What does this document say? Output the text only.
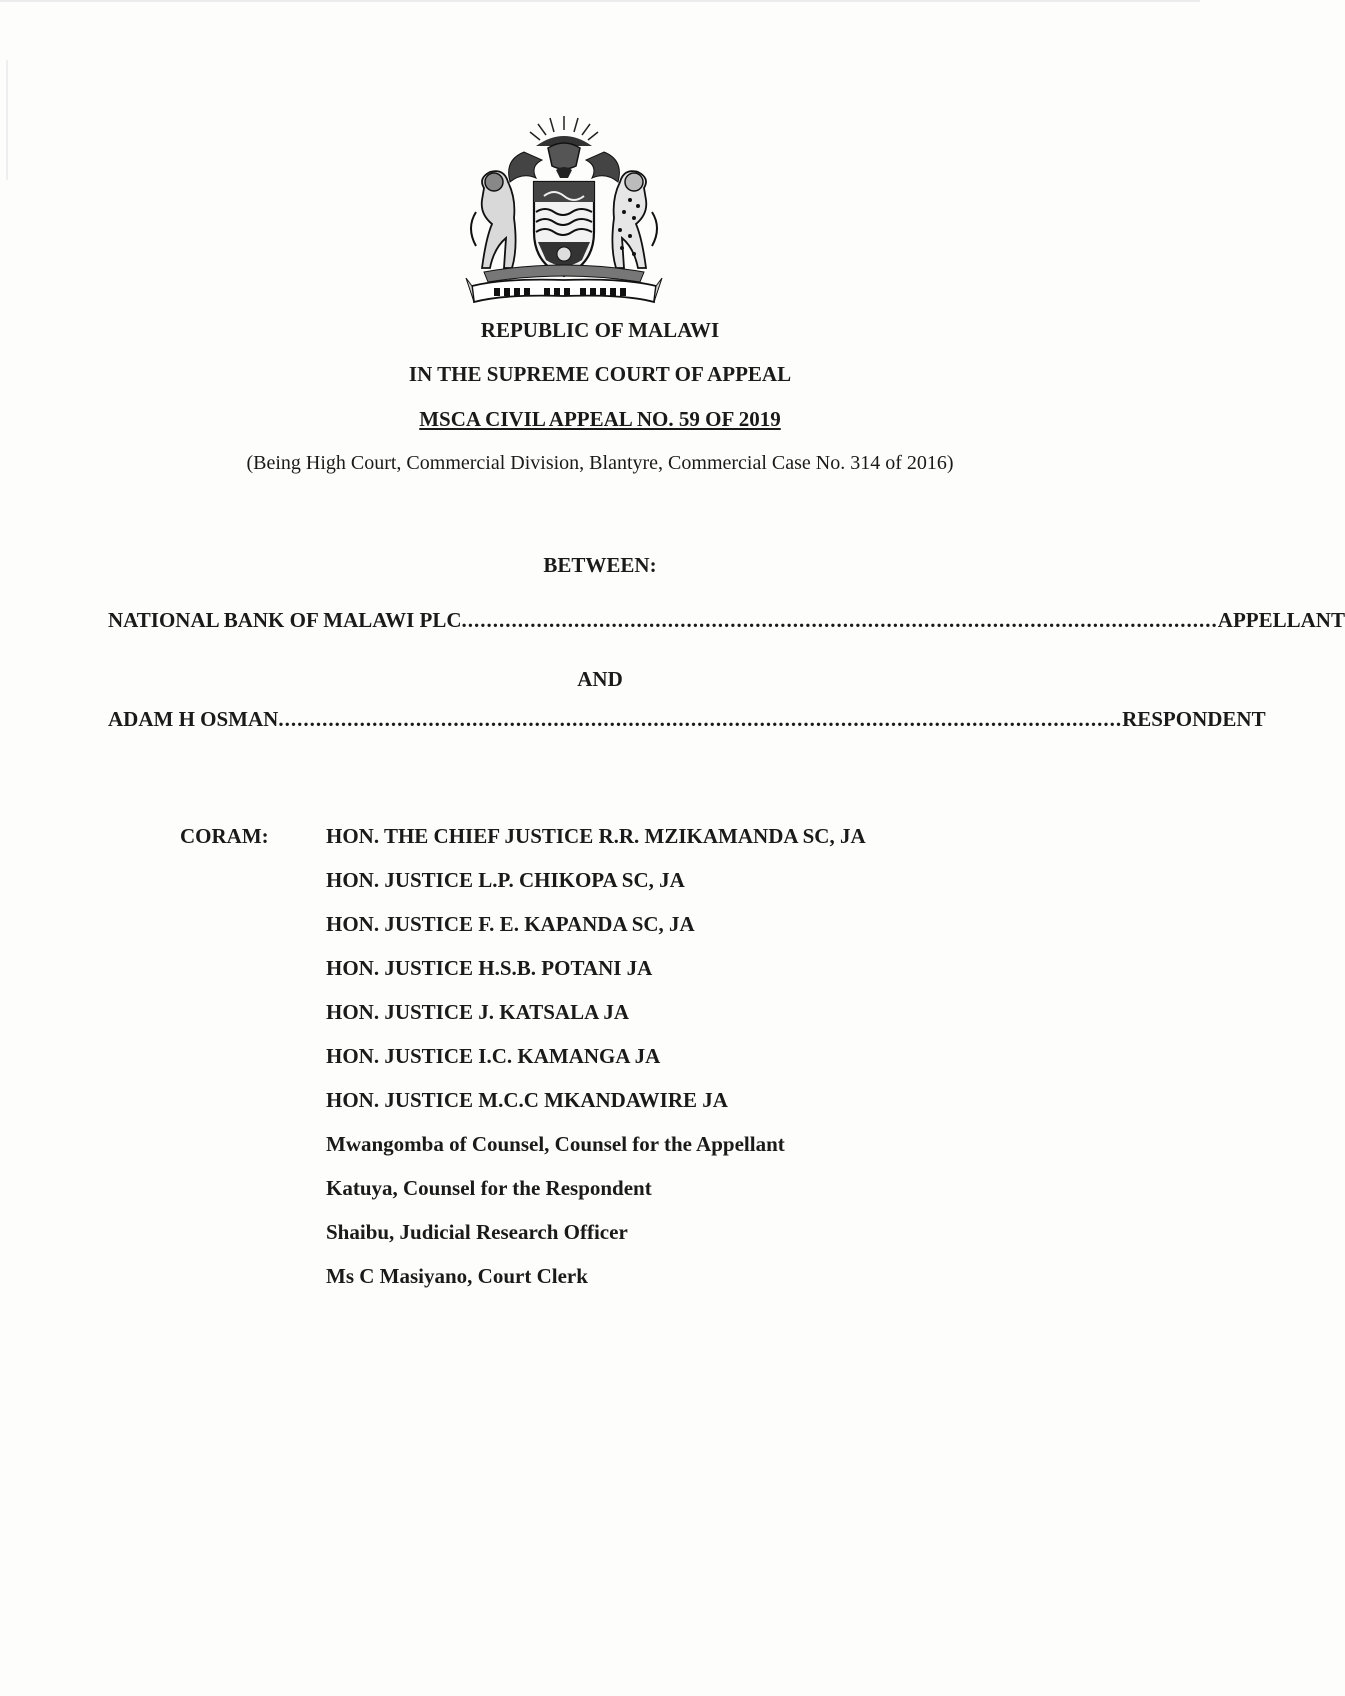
REPUBLIC OF MALAWI
IN THE SUPREME COURT OF APPEAL
MSCA CIVIL APPEAL NO. 59 OF 2019
(Being High Court, Commercial Division, Blantyre, Commercial Case No. 314 of 2016)
BETWEEN:
NATIONAL BANK OF MALAWI PLC ......................................................................................................................... APPELLANT
AND
ADAM H OSMAN ....................................................................................................................................... RESPONDENT
CORAM:	HON. THE CHIEF JUSTICE R.R. MZIKAMANDA SC, JA
HON. JUSTICE L.P. CHIKOPA SC, JA
HON. JUSTICE F. E. KAPANDA SC, JA
HON. JUSTICE H.S.B. POTANI JA
HON. JUSTICE J. KATSALA JA
HON. JUSTICE I.C. KAMANGA JA
HON. JUSTICE M.C.C MKANDAWIRE JA
Mwangomba of Counsel, Counsel for the Appellant
Katuya, Counsel for the Respondent
Shaibu, Judicial Research Officer
Ms C Masiyano, Court Clerk
